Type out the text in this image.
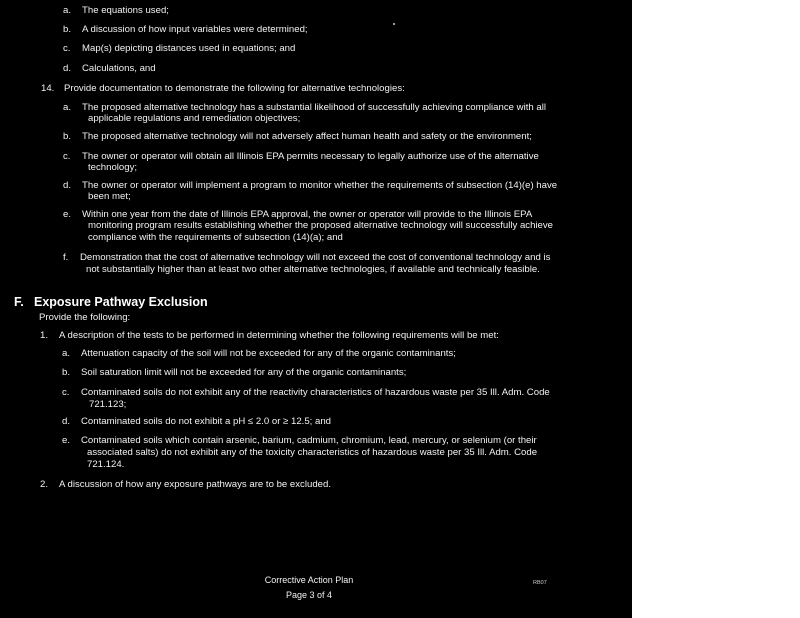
a. The equations used;
b. A discussion of how input variables were determined;
c. Map(s) depicting distances used in equations; and
d. Calculations, and
14. Provide documentation to demonstrate the following for alternative technologies:
a. The proposed alternative technology has a substantial likelihood of successfully achieving compliance with all
applicable regulations and remediation objectives;
b. The proposed alternative technology will not adversely affect human health and safety or the environment;
c. The owner or operator will obtain all Illinois EPA permits necessary to legally authorize use of the alternative
technology;
d. The owner or operator will implement a program to monitor whether the requirements of subsection (14)(e) have
been met;
e. Within one year from the date of Illinois EPA approval, the owner or operator will provide to the Illinois EPA
monitoring program results establishing whether the proposed alternative technology will successfully achieve
compliance with the requirements of subsection (14)(a); and
f. Demonstration that the cost of alternative technology will not exceed the cost of conventional technology and is
not substantially higher than at least two other alternative technologies, if available and technically feasible.
F. Exposure Pathway Exclusion
Provide the following:
1. A description of the tests to be performed in determining whether the following requirements will be met:
a. Attenuation capacity of the soil will not be exceeded for any of the organic contaminants;
b. Soil saturation limit will not be exceeded for any of the organic contaminants;
c. Contaminated soils do not exhibit any of the reactivity characteristics of hazardous waste per 35 Ill. Adm. Code
721.123;
d. Contaminated soils do not exhibit a pH ≤ 2.0 or ≥ 12.5; and
e. Contaminated soils which contain arsenic, barium, cadmium, chromium, lead, mercury, or selenium (or their
associated salts) do not exhibit any of the toxicity characteristics of hazardous waste per 35 Ill. Adm. Code
721.124.
2. A discussion of how any exposure pathways are to be excluded.
Corrective Action Plan
Page 3 of 4
RB07
